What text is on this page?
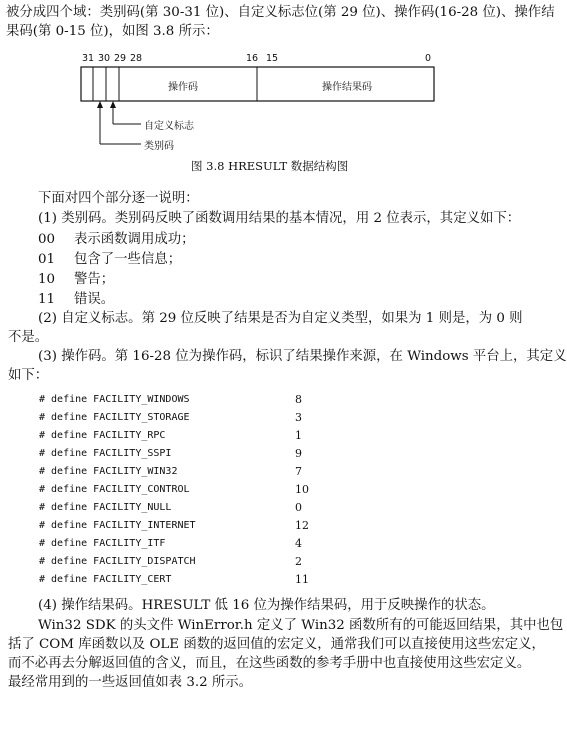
被分成四个域：类别码(第 30-31 位)、自定义标志位(第 29 位)、操作码(16-28 位)、操作结
果码(第 0-15 位)，如图 3.8 所示：
31 30 29 28	16 15	0
操作码	操作结果码
自定义标志
类别码
图 3.8 HRESULT 数据结构图
下面对四个部分逐一说明：
(1) 类别码。类别码反映了函数调用结果的基本情况，用 2 位表示，其定义如下：
00 表示函数调用成功；
01 包含了一些信息；
10 警告；
11 错误。
(2) 自定义标志。第 29 位反映了结果是否为自定义类型，如果为 1 则是，为 0 则
不是。
(3) 操作码。第 16-28 位为操作码，标识了结果操作来源，在 Windows 平台上，其定义
如下：
# define FACILITY_WINDOWS	8
# define FACILITY_STORAGE	3
# define FACILITY_RPC	1
# define FACILITY_SSPI	9
# define FACILITY_WIN32	7
# define FACILITY_CONTROL	10
# define FACILITY_NULL	0
# define FACILITY_INTERNET	12
# define FACILITY_ITF	4
# define FACILITY_DISPATCH	2
# define FACILITY_CERT	11
(4) 操作结果码。HRESULT 低 16 位为操作结果码，用于反映操作的状态。
Win32 SDK 的头文件 WinError.h 定义了 Win32 函数所有的可能返回结果，其中也包
括了 COM 库函数以及 OLE 函数的返回值的宏定义，通常我们可以直接使用这些宏定义，
而不必再去分解返回值的含义，而且，在这些函数的参考手册中也直接使用这些宏定义。
最经常用到的一些返回值如表 3.2 所示。
